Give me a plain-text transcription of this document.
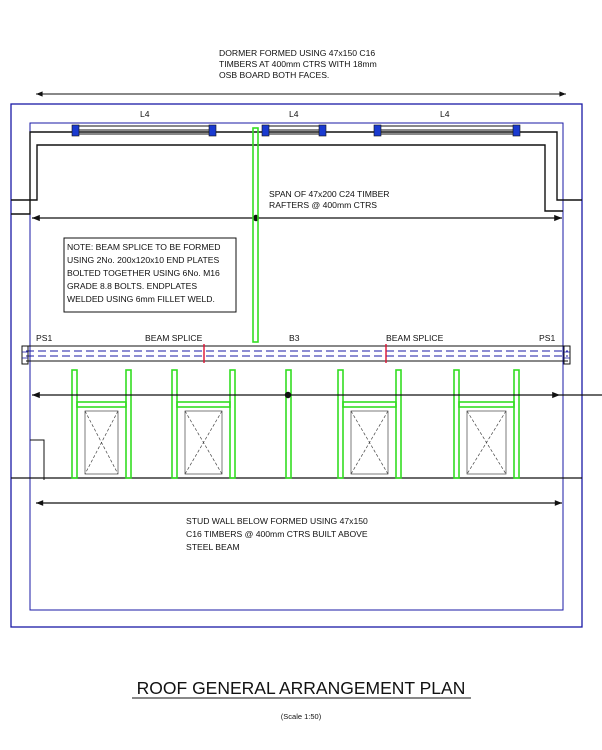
DORMER FORMED USING 47x150 C16
TIMBERS AT 400mm CTRS WITH 18mm
OSB BOARD BOTH FACES.
L4	L4	L4
SPAN OF 47x200 C24 TIMBER
RAFTERS @ 400mm CTRS
NOTE: BEAM SPLICE TO BE FORMED
USING 2No. 200x120x10 END PLATES
BOLTED TOGETHER USING 6No. M16
GRADE 8.8 BOLTS. ENDPLATES
WELDED USING 6mm FILLET WELD.
PS1	BEAM SPLICE	B3	BEAM SPLICE	PS1
STUD WALL BELOW FORMED USING 47x150
C16 TIMBERS @ 400mm CTRS BUILT ABOVE
STEEL BEAM
ROOF GENERAL ARRANGEMENT PLAN
(Scale 1:50)
